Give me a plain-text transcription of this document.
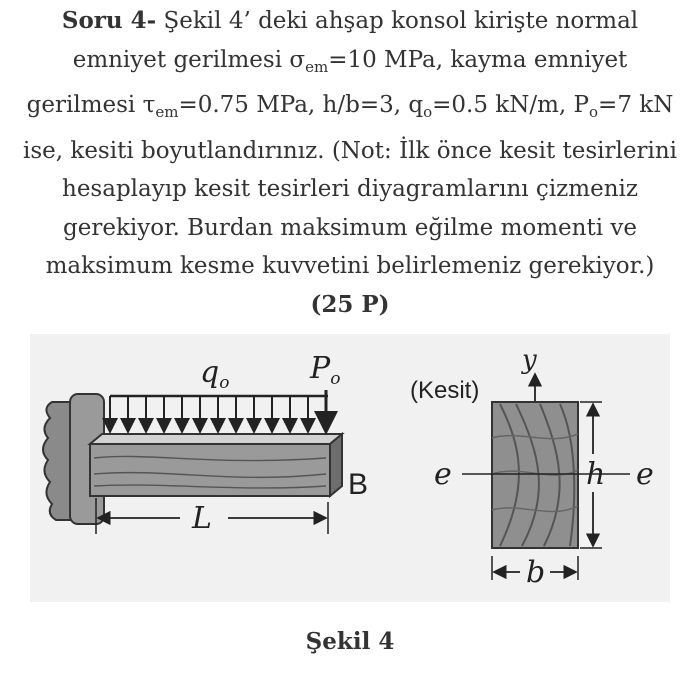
Soru 4- Şekil 4’ deki ahşap konsol kirişte normal emniyet gerilmesi $\sigma_{em}=10$ MPa, kayma emniyet gerilmesi $\tau_{em}=0.75$ MPa, h/b=3, $q_o=0.5$ kN/m, $P_o=7$ kN ise, kesiti boyutlandırınız. (Not: İlk önce kesit tesirlerini hesaplayıp kesit tesirleri diyagramlarını çizmeniz gerekiyor. Burdan maksimum eğilme momenti ve maksimum kesme kuvvetini belirlemeniz gerekiyor.) (25 P)
$q_o$	$P_o$
B
L
(Kesit)
y
e	e
h
b
Şekil 4
